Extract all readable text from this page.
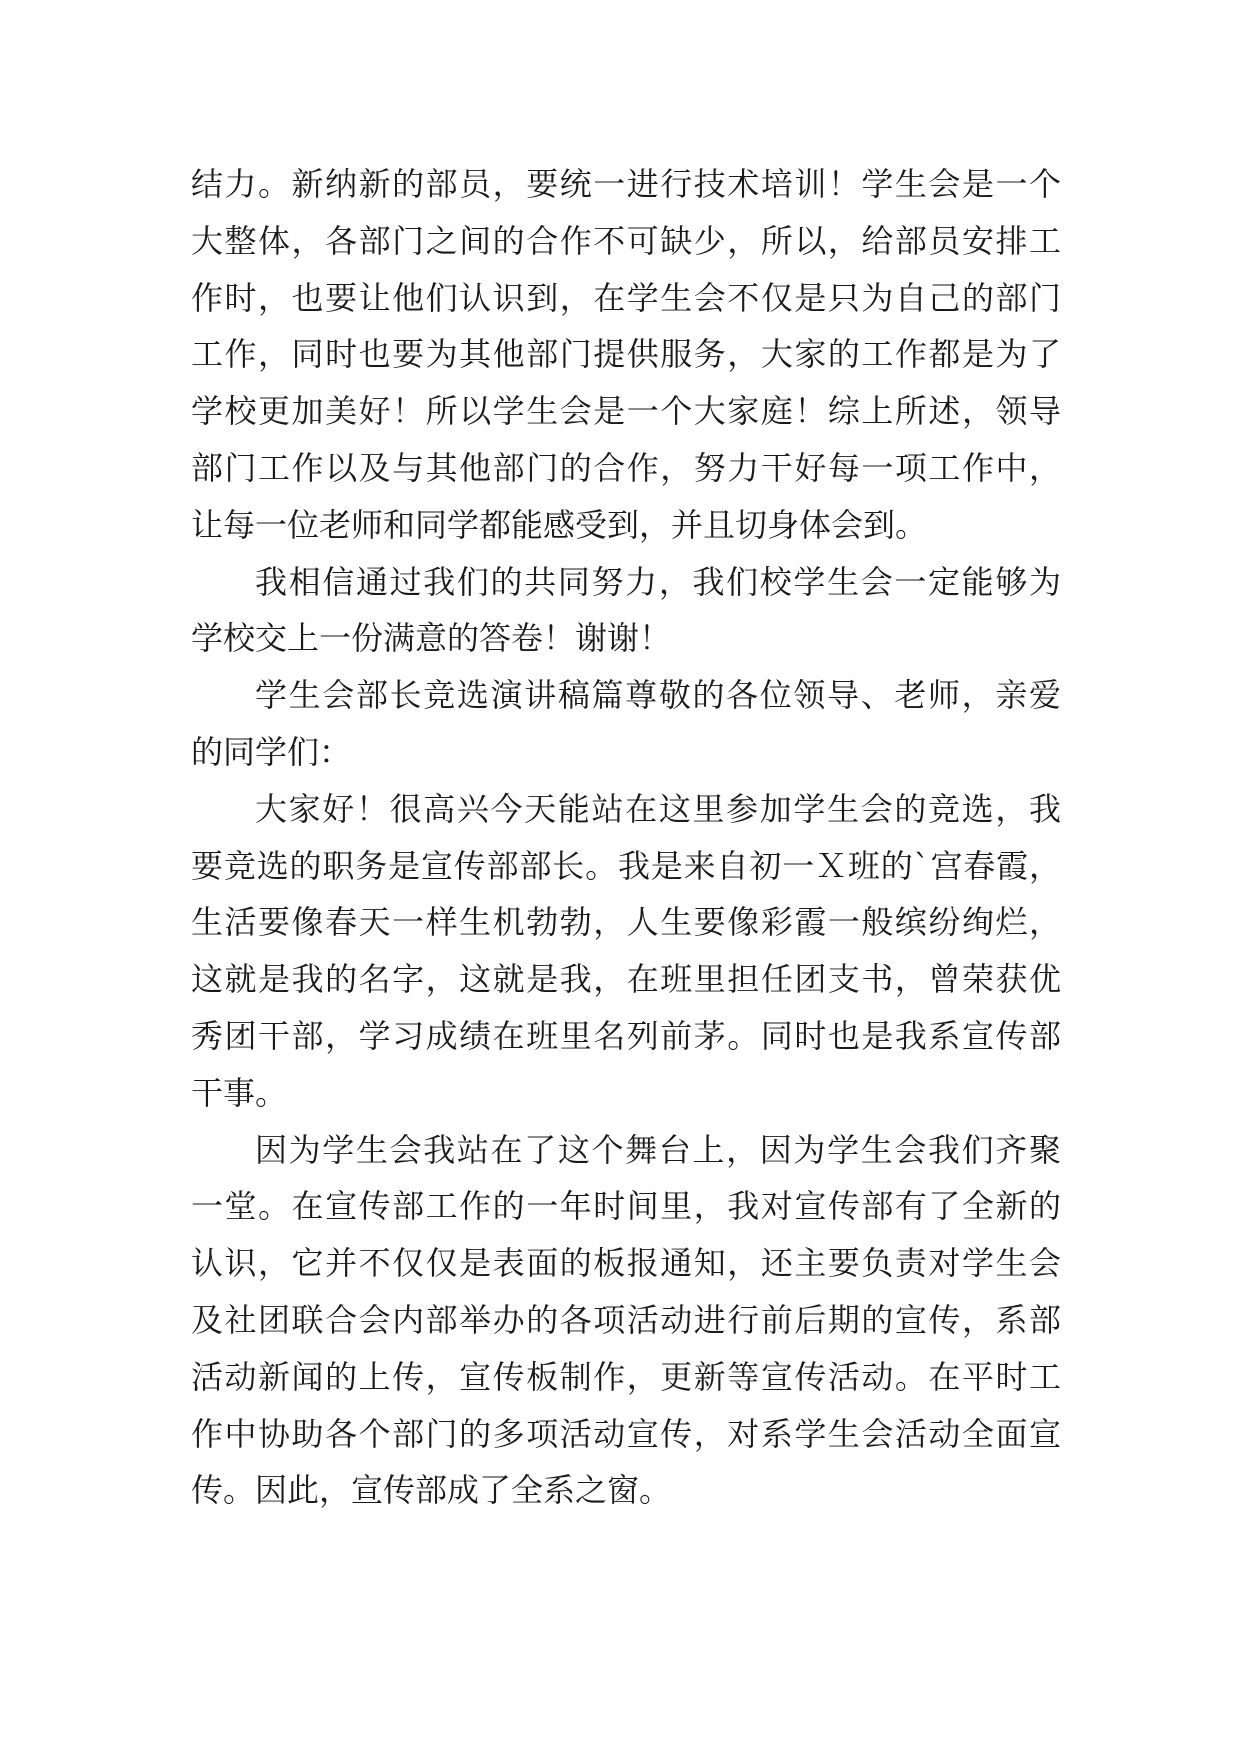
结力。新纳新的部员，要统一进行技术培训！学生会是一个
大整体，各部门之间的合作不可缺少，所以，给部员安排工
作时，也要让他们认识到，在学生会不仅是只为自己的部门
工作，同时也要为其他部门提供服务，大家的工作都是为了
学校更加美好！所以学生会是一个大家庭！综上所述，领导
部门工作以及与其他部门的合作，努力干好每一项工作中，
让每一位老师和同学都能感受到，并且切身体会到。
我相信通过我们的共同努力，我们校学生会一定能够为
学校交上一份满意的答卷！谢谢！
学生会部长竞选演讲稿篇尊敬的各位领导、老师，亲爱
的同学们：
大家好！很高兴今天能站在这里参加学生会的竞选，我
要竞选的职务是宣传部部长。我是来自初一Ｘ班的`宫春霞，
生活要像春天一样生机勃勃，人生要像彩霞一般缤纷绚烂，
这就是我的名字，这就是我，在班里担任团支书，曾荣获优
秀团干部，学习成绩在班里名列前茅。同时也是我系宣传部
干事。
因为学生会我站在了这个舞台上，因为学生会我们齐聚
一堂。在宣传部工作的一年时间里，我对宣传部有了全新的
认识，它并不仅仅是表面的板报通知，还主要负责对学生会
及社团联合会内部举办的各项活动进行前后期的宣传，系部
活动新闻的上传，宣传板制作，更新等宣传活动。在平时工
作中协助各个部门的多项活动宣传，对系学生会活动全面宣
传。因此，宣传部成了全系之窗。
